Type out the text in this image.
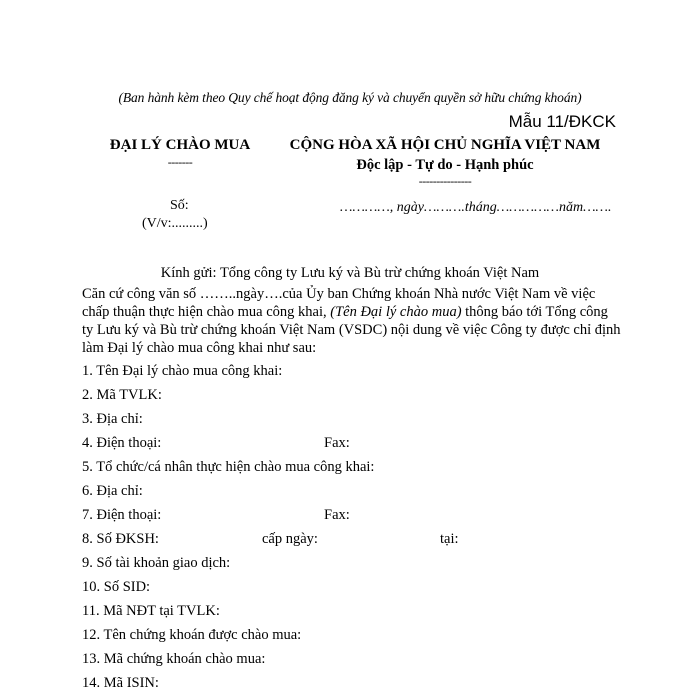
(Ban hành kèm theo Quy chế hoạt động đăng ký và chuyển quyền sở hữu chứng khoán)
Mẫu 11/ĐKCK
ĐẠI LÝ CHÀO MUA
-------
CỘNG HÒA XÃ HỘI CHỦ NGHĨA VIỆT NAM
Độc lập - Tự do - Hạnh phúc
---------------
Số:
(V/v:.........)
…………, ngày……….tháng……………năm…….
Kính gửi: Tổng công ty Lưu ký và Bù trừ chứng khoán Việt Nam
Căn cứ công văn số ……..ngày….của Ủy ban Chứng khoán Nhà nước Việt Nam về việc chấp thuận thực hiện chào mua công khai, (Tên Đại lý chào mua) thông báo tới Tổng công ty Lưu ký và Bù trừ chứng khoán Việt Nam (VSDC) nội dung về việc Công ty được chỉ định làm Đại lý chào mua công khai như sau:
1. Tên Đại lý chào mua công khai:
2. Mã TVLK:
3. Địa chỉ:
4. Điện thoại:	Fax:
5. Tổ chức/cá nhân thực hiện chào mua công khai:
6. Địa chỉ:
7. Điện thoại:	Fax:
8. Số ĐKSH:	cấp ngày:	tại:
9. Số tài khoản giao dịch:
10. Số SID:
11. Mã NĐT tại TVLK:
12. Tên chứng khoán được chào mua:
13. Mã chứng khoán chào mua:
14. Mã ISIN:
